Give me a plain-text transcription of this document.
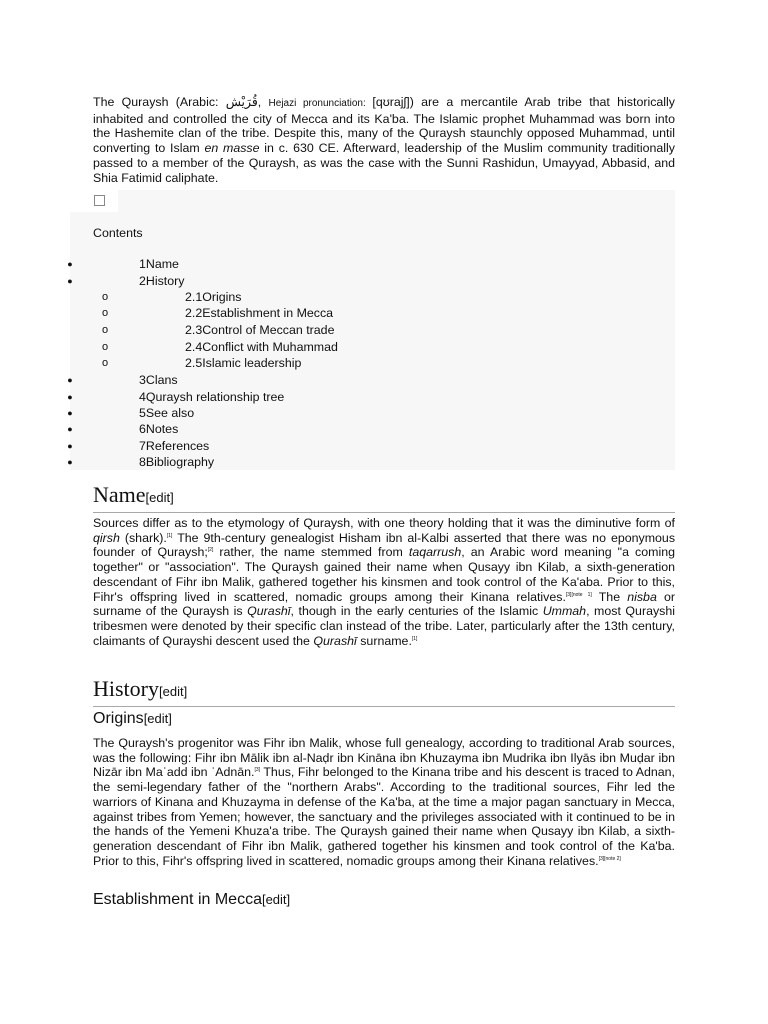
The Quraysh (Arabic: قُرَيْش, Hejazi pronunciation: [qʊrajʃ]) are a mercantile Arab tribe that historically inhabited and controlled the city of Mecca and its Ka'ba. The Islamic prophet Muhammad was born into the Hashemite clan of the tribe. Despite this, many of the Quraysh staunchly opposed Muhammad, until converting to Islam en masse in c. 630 CE. Afterward, leadership of the Muslim community traditionally passed to a member of the Quraysh, as was the case with the Sunni Rashidun, Umayyad, Abbasid, and Shia Fatimid caliphate.

Contents
●	1Name
●	2History
o	2.1Origins
o	2.2Establishment in Mecca
o	2.3Control of Meccan trade
o	2.4Conflict with Muhammad
o	2.5Islamic leadership
●	3Clans
●	4Quraysh relationship tree
●	5See also
●	6Notes
●	7References
●	8Bibliography
Name[edit]

Sources differ as to the etymology of Quraysh, with one theory holding that it was the diminutive form of qirsh (shark).[1] The 9th-century genealogist Hisham ibn al-Kalbi asserted that there was no eponymous founder of Quraysh;[2] rather, the name stemmed from taqarrush, an Arabic word meaning "a coming together" or "association". The Quraysh gained their name when Qusayy ibn Kilab, a sixth-generation descendant of Fihr ibn Malik, gathered together his kinsmen and took control of the Ka'aba. Prior to this, Fihr's offspring lived in scattered, nomadic groups among their Kinana relatives.[3][note 1] The nisba or surname of the Quraysh is Qurashī, though in the early centuries of the Islamic Ummah, most Qurayshi tribesmen were denoted by their specific clan instead of the tribe. Later, particularly after the 13th century, claimants of Qurayshi descent used the Qurashī surname.[1]

History[edit]
Origins[edit]

The Quraysh's progenitor was Fihr ibn Malik, whose full genealogy, according to traditional Arab sources, was the following: Fihr ibn Mālik ibn al-Naḍr ibn Kināna ibn Khuzayma ibn Mudrika ibn Ilyās ibn Muḍar ibn Nizār ibn Maʿadd ibn ʿAdnān.[3] Thus, Fihr belonged to the Kinana tribe and his descent is traced to Adnan, the semi-legendary father of the "northern Arabs". According to the traditional sources, Fihr led the warriors of Kinana and Khuzayma in defense of the Ka'ba, at the time a major pagan sanctuary in Mecca, against tribes from Yemen; however, the sanctuary and the privileges associated with it continued to be in the hands of the Yemeni Khuza'a tribe. The Quraysh gained their name when Qusayy ibn Kilab, a sixth-generation descendant of Fihr ibn Malik, gathered together his kinsmen and took control of the Ka'ba. Prior to this, Fihr's offspring lived in scattered, nomadic groups among their Kinana relatives.[3][note 2]

Establishment in Mecca[edit]
